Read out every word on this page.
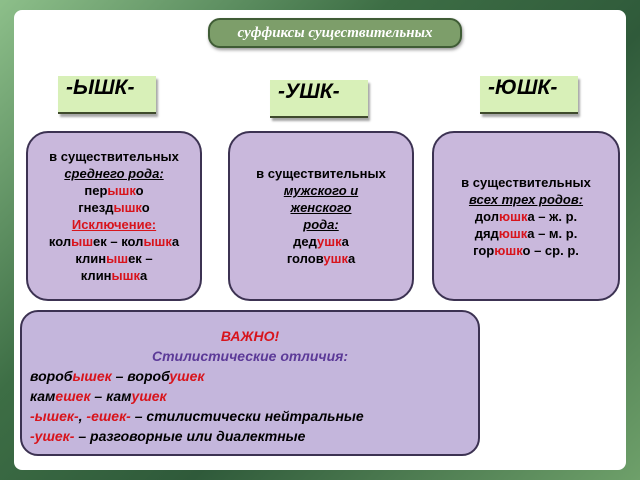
суффиксы существительных
-ЫШК-	-УШК-	-ЮШК-
в существительных
среднего рода:
перышко
гнездышко
Исключение:
колышек – колышка
клинышек –
клинышка
в существительных
мужского и
женского
рода:
дедушка
головушка
в существительных
всех трех родов:
долюшка – ж. р.
дядюшка – м. р.
горюшко – ср. р.
ВАЖНО!
Стилистические отличия:
воробышек – воробушек
камешек – камушек
-ышек-, -ешек- – стилистически нейтральные
-ушек- – разговорные или диалектные
